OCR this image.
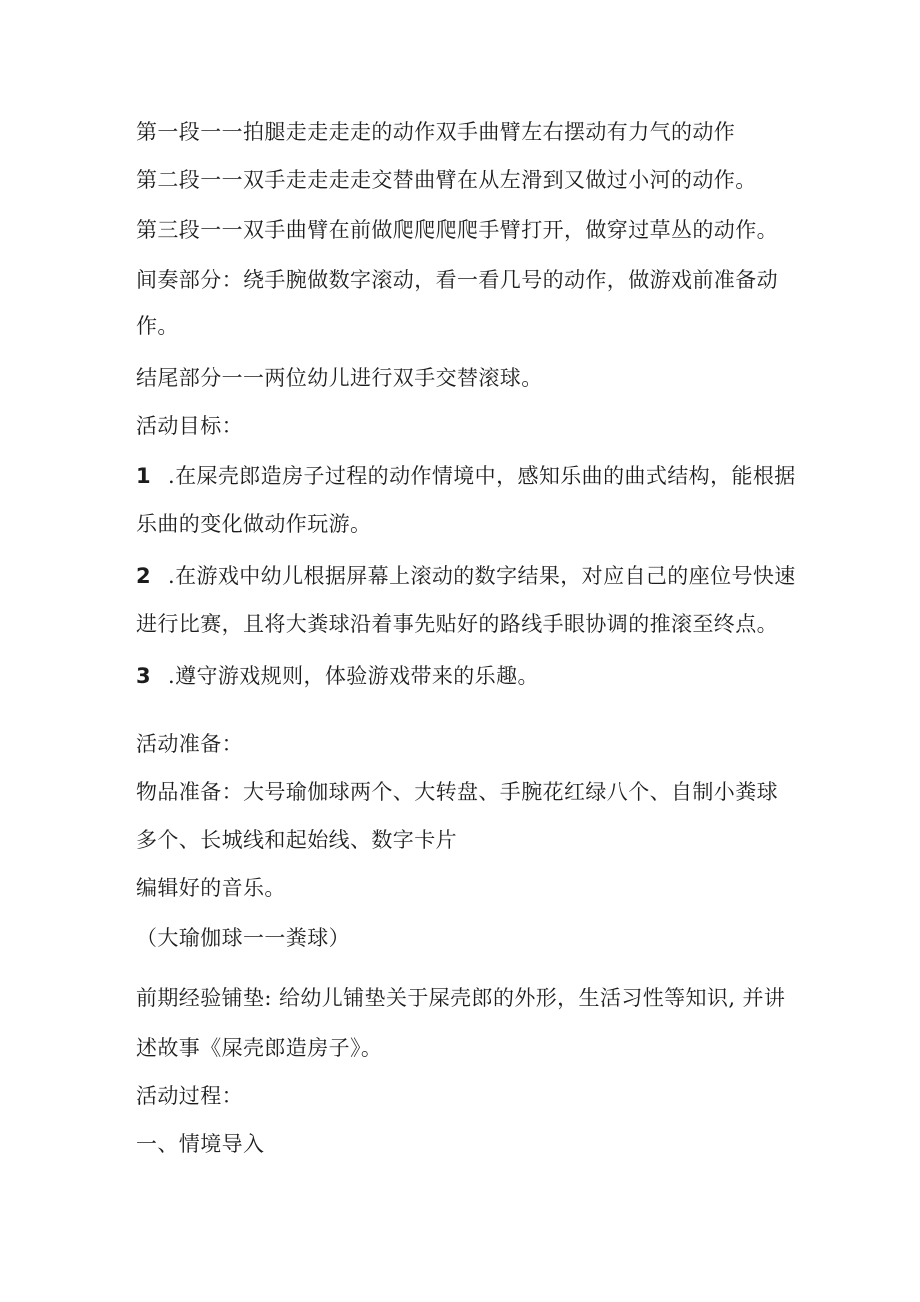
第一段一一拍腿走走走走的动作双手曲臂左右摆动有力气的动作
第二段一一双手走走走走交替曲臂在从左滑到又做过小河的动作。
第三段一一双手曲臂在前做爬爬爬爬手臂打开，做穿过草丛的动作。
间奏部分：绕手腕做数字滚动，看一看几号的动作，做游戏前准备动
作。
结尾部分一一两位幼儿进行双手交替滚球。
活动目标：
1 .在屎壳郎造房子过程的动作情境中，感知乐曲的曲式结构，能根据
乐曲的变化做动作玩游。
2 .在游戏中幼儿根据屏幕上滚动的数字结果，对应自己的座位号快速
进行比赛，且将大粪球沿着事先贴好的路线手眼协调的推滚至终点。
3 .遵守游戏规则，体验游戏带来的乐趣。
活动准备：
物品准备：大号瑜伽球两个、大转盘、手腕花红绿八个、自制小粪球
多个、长城线和起始线、数字卡片
编辑好的音乐。
（大瑜伽球一一粪球）
前期经验铺垫: 给幼儿铺垫关于屎壳郎的外形，生活习性等知识, 并讲
述故事《屎壳郎造房子》。
活动过程：
一、情境导入
